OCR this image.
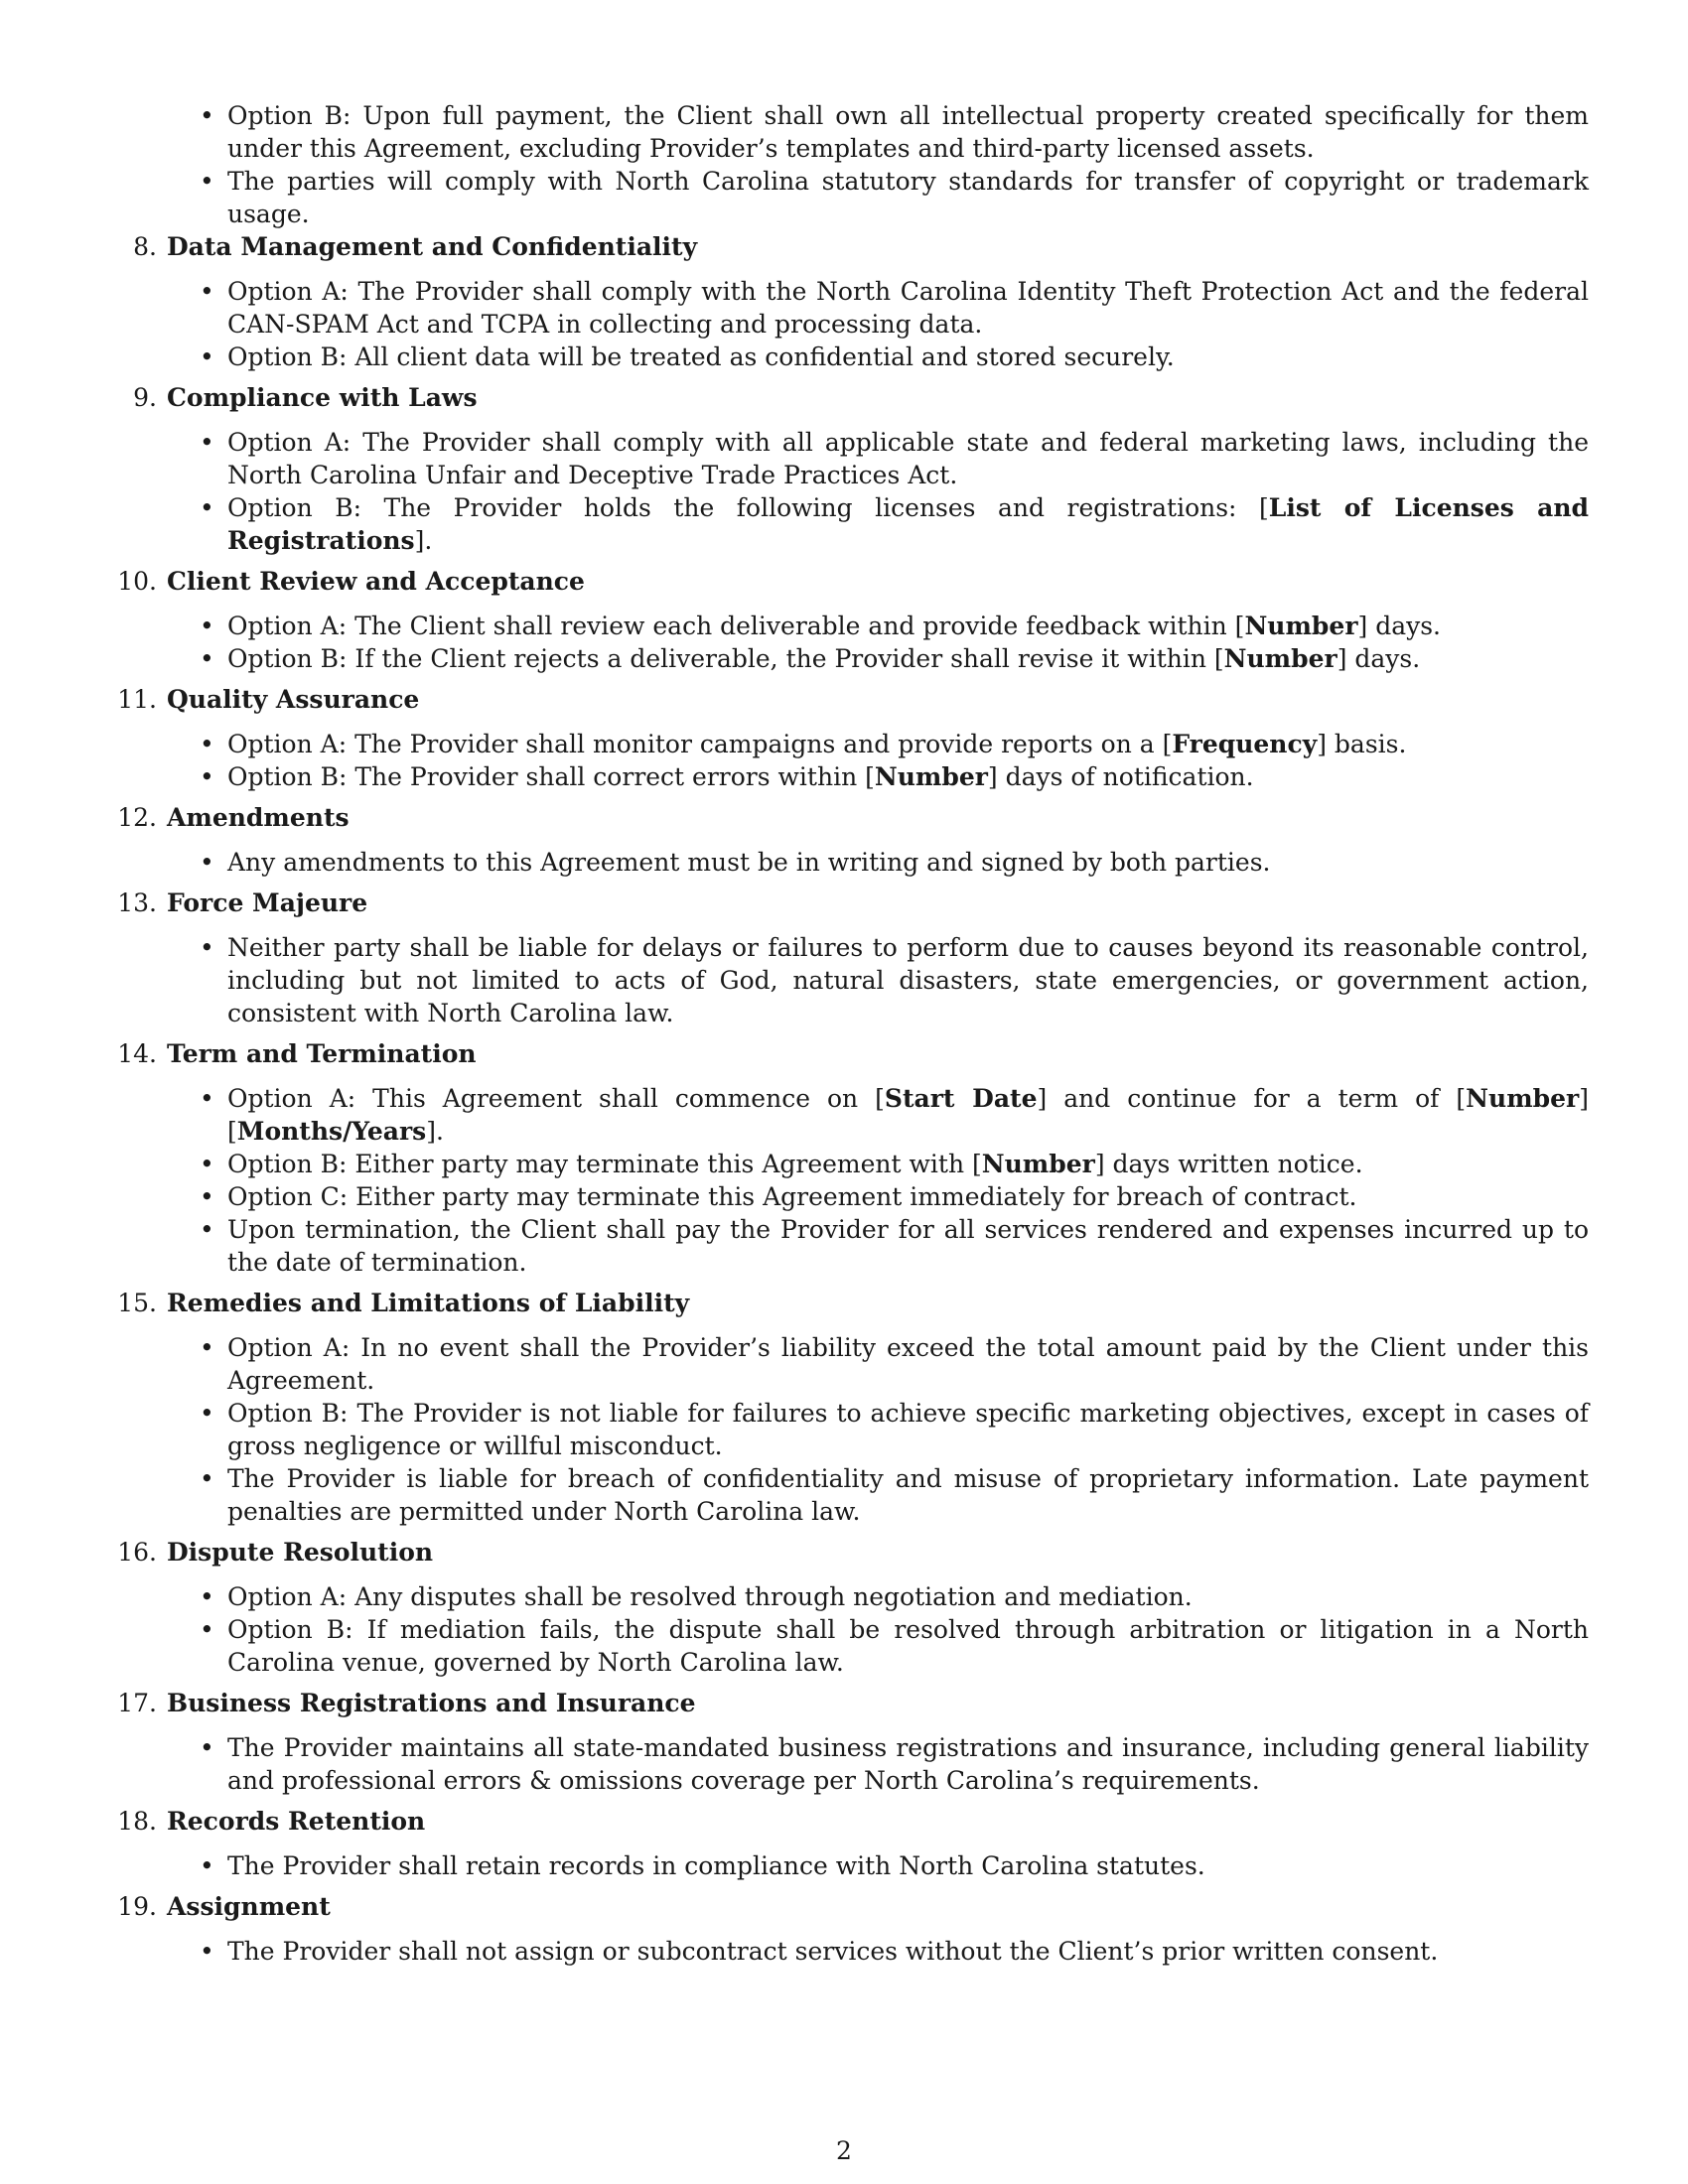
• Option B: Upon full payment, the Client shall own all intellectual property created specifically for them under this Agreement, excluding Provider’s templates and third-party licensed assets.
• The parties will comply with North Carolina statutory standards for transfer of copyright or trademark usage.
8. Data Management and Confidentiality
• Option A: The Provider shall comply with the North Carolina Identity Theft Protection Act and the federal CAN-SPAM Act and TCPA in collecting and processing data.
• Option B: All client data will be treated as confidential and stored securely.
9. Compliance with Laws
• Option A: The Provider shall comply with all applicable state and federal marketing laws, including the North Carolina Unfair and Deceptive Trade Practices Act.
• Option B: The Provider holds the following licenses and registrations: [List of Licenses and Registrations].
10. Client Review and Acceptance
• Option A: The Client shall review each deliverable and provide feedback within [Number] days.
• Option B: If the Client rejects a deliverable, the Provider shall revise it within [Number] days.
11. Quality Assurance
• Option A: The Provider shall monitor campaigns and provide reports on a [Frequency] basis.
• Option B: The Provider shall correct errors within [Number] days of notification.
12. Amendments
• Any amendments to this Agreement must be in writing and signed by both parties.
13. Force Majeure
• Neither party shall be liable for delays or failures to perform due to causes beyond its reasonable control, including but not limited to acts of God, natural disasters, state emergencies, or government action, consistent with North Carolina law.
14. Term and Termination
• Option A: This Agreement shall commence on [Start Date] and continue for a term of [Number] [Months/Years].
• Option B: Either party may terminate this Agreement with [Number] days written notice.
• Option C: Either party may terminate this Agreement immediately for breach of contract.
• Upon termination, the Client shall pay the Provider for all services rendered and expenses incurred up to the date of termination.
15. Remedies and Limitations of Liability
• Option A: In no event shall the Provider’s liability exceed the total amount paid by the Client under this Agreement.
• Option B: The Provider is not liable for failures to achieve specific marketing objectives, except in cases of gross negligence or willful misconduct.
• The Provider is liable for breach of confidentiality and misuse of proprietary information. Late payment penalties are permitted under North Carolina law.
16. Dispute Resolution
• Option A: Any disputes shall be resolved through negotiation and mediation.
• Option B: If mediation fails, the dispute shall be resolved through arbitration or litigation in a North Carolina venue, governed by North Carolina law.
17. Business Registrations and Insurance
• The Provider maintains all state-mandated business registrations and insurance, including general liability and professional errors & omissions coverage per North Carolina’s requirements.
18. Records Retention
• The Provider shall retain records in compliance with North Carolina statutes.
19. Assignment
• The Provider shall not assign or subcontract services without the Client’s prior written consent.
2
